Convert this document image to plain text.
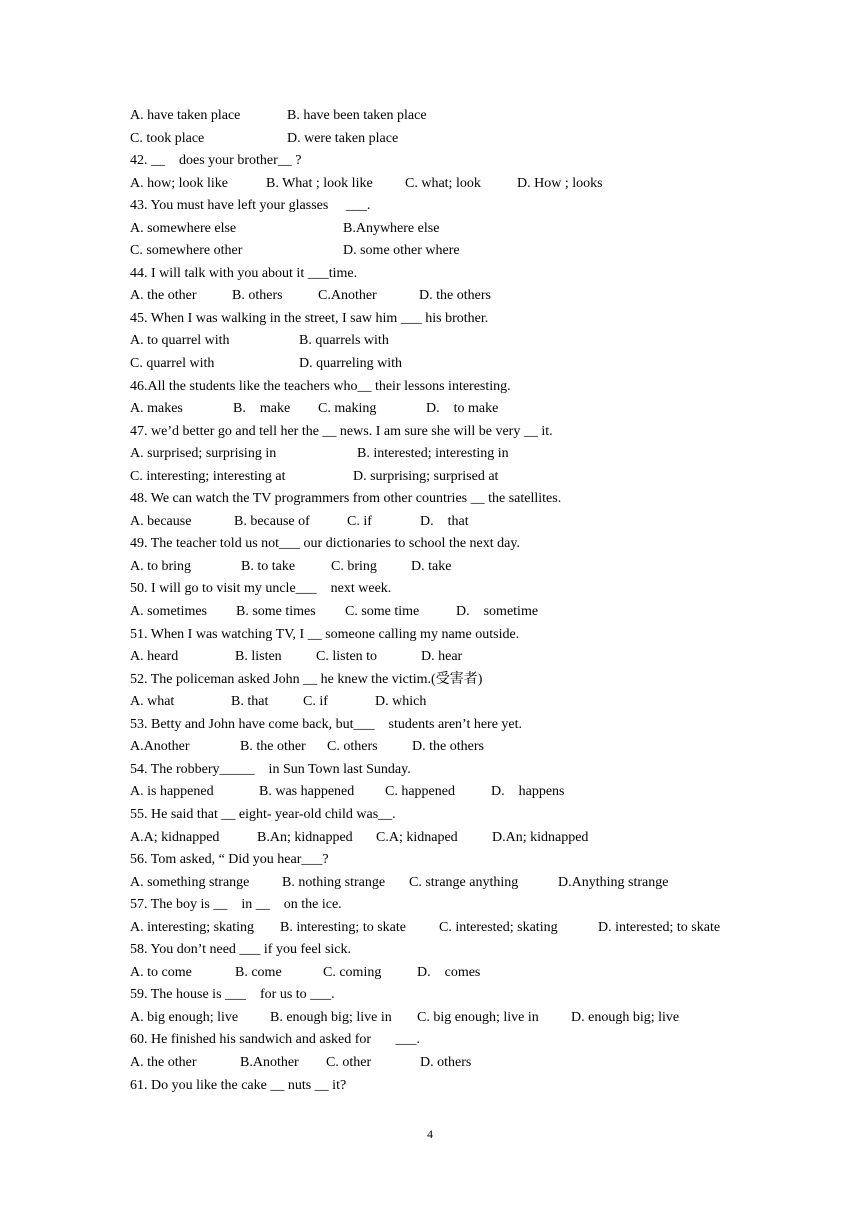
A. have taken place	B. have been taken place
C. took place	D. were taken place
42. __    does your brother__ ?
A. how; look like	B. What ; look like C. what; look	D. How ; looks
43. You must have left your glasses     ___.
A. somewhere else	B.Anywhere else
C. somewhere other	D. some other where
44. I will talk with you about it ___time.
A. the other	B. others	C.Another	D. the others
45. When I was walking in the street, I saw him ___ his brother.
A. to quarrel with	B. quarrels with
C. quarrel with	D. quarreling with
46.All the students like the teachers who__ their lessons interesting.
A. makes	B.    make C. making	D.    to make
47. we’d better go and tell her the __ news. I am sure she will be very __ it.
A. surprised; surprising in	B. interested; interesting in
C. interesting; interesting at	D. surprising; surprised at
48. We can watch the TV programmers from other countries __ the satellites.
A. because	B. because of	C. if	D.    that
49. The teacher told us not___ our dictionaries to school the next day.
A. to bring	B. to take	C. bring D. take
50. I will go to visit my uncle___    next week.
A. sometimes B. some times C. some time	D.    sometime
51. When I was watching TV, I __ someone calling my name outside.
A. heard	B. listen C. listen to	D. hear
52. The policeman asked John __ he knew the victim.(受害者)
A. what	B. that C. if	D. which
53. Betty and John have come back, but___    students aren’t here yet.
A.Another	B. the other C. others D. the others
54. The robbery_____    in Sun Town last Sunday.
A. is happened	B. was happened C. happened	D.    happens
55. He said that __ eight- year-old child was__.
A.A; kidnapped	B.An; kidnapped C.A; kidnaped D.An; kidnapped
56. Tom asked, “ Did you hear___?
A. something strange B. nothing strange C. strange anything	D.Anything strange
57. The boy is __    in __    on the ice.
A. interesting; skating B. interesting; to skate C. interested; skating	D. interested; to skate
58. You don’t need ___ if you feel sick.
A. to come	B. come	C. coming	D.    comes
59. The house is ___    for us to ___.
A. big enough; live B. enough big; live in C. big enough; live in D. enough big; live
60. He finished his sandwich and asked for       ___.
A. the other	B.Another C. other	D. others
61. Do you like the cake __ nuts __ it?
4
